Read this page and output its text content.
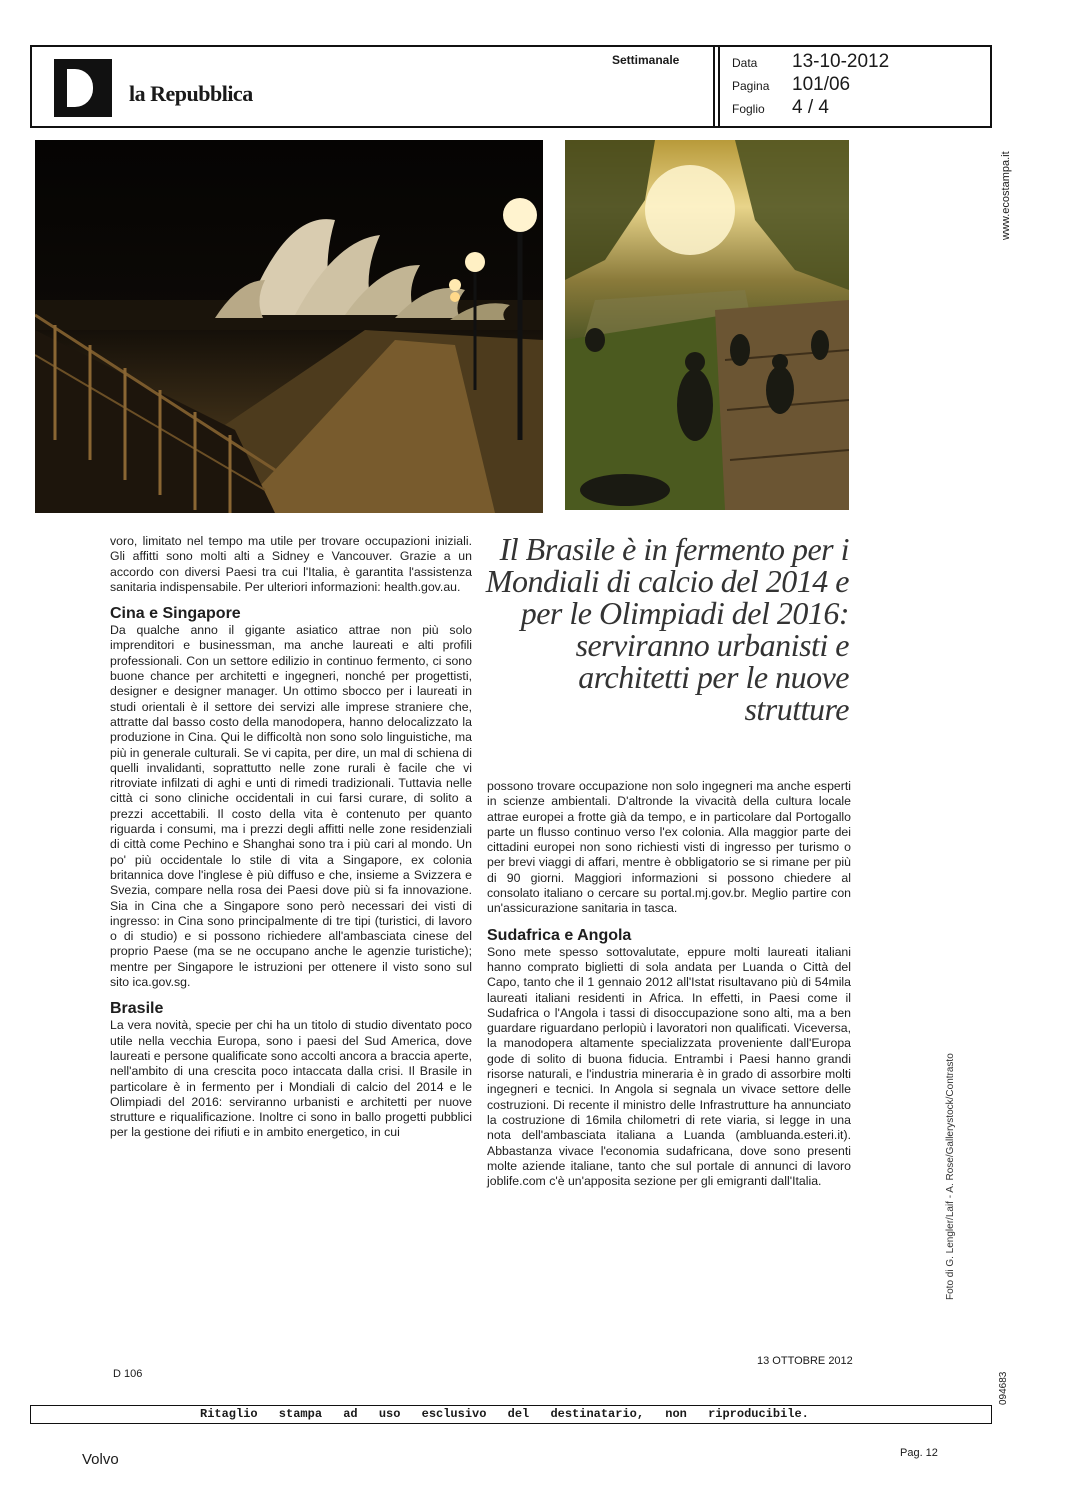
la Repubblica
Settimanale	Data 13-10-2012
Pagina 101/06
Foglio 4 / 4
www.ecostampa.it
Foto di G. Lengler/Laif - A. Rose/Gallerystock/Contrasto
094683
Il Brasile è in fermento per i Mondiali di calcio del 2014 e per le Olimpiadi del 2016: serviranno urbanisti e architetti per le nuove strutture

voro, limitato nel tempo ma utile per trovare occupazioni iniziali. Gli affitti sono molti alti a Sidney e Vancouver. Grazie a un accordo con diversi Paesi tra cui l'Italia, è garantita l'assistenza sanitaria indispensabile. Per ulteriori informazioni: health.gov.au.

Cina e Singapore

Da qualche anno il gigante asiatico attrae non più solo imprenditori e businessman, ma anche laureati e alti profili professionali. Con un settore edilizio in continuo fermento, ci sono buone chance per architetti e ingegneri, nonché per progettisti, designer e designer manager. Un ottimo sbocco per i laureati in studi orientali è il settore dei servizi alle imprese straniere che, attratte dal basso costo della manodopera, hanno delocalizzato la produzione in Cina. Qui le difficoltà non sono solo linguistiche, ma più in generale culturali. Se vi capita, per dire, un mal di schiena di quelli invalidanti, soprattutto nelle zone rurali è facile che vi ritroviate infilzati di aghi e unti di rimedi tradizionali. Tuttavia nelle città ci sono cliniche occidentali in cui farsi curare, di solito a prezzi accettabili. Il costo della vita è contenuto per quanto riguarda i consumi, ma i prezzi degli affitti nelle zone residenziali di città come Pechino e Shanghai sono tra i più cari al mondo. Un po' più occidentale lo stile di vita a Singapore, ex colonia britannica dove l'inglese è più diffuso e che, insieme a Svizzera e Svezia, compare nella rosa dei Paesi dove più si fa innovazione. Sia in Cina che a Singapore sono però necessari dei visti di ingresso: in Cina sono principalmente di tre tipi (turistici, di lavoro o di studio) e si possono richiedere all'ambasciata cinese del proprio Paese (ma se ne occupano anche le agenzie turistiche); mentre per Singapore le istruzioni per ottenere il visto sono sul sito ica.gov.sg.

Brasile

La vera novità, specie per chi ha un titolo di studio diventato poco utile nella vecchia Europa, sono i paesi del Sud America, dove laureati e persone qualificate sono accolti ancora a braccia aperte, nell'ambito di una crescita poco intaccata dalla crisi. Il Brasile in particolare è in fermento per i Mondiali di calcio del 2014 e le Olimpiadi del 2016: serviranno urbanisti e architetti per nuove strutture e riqualificazione. Inoltre ci sono in ballo progetti pubblici per la gestione dei rifiuti e in ambito energetico, in cui

possono trovare occupazione non solo ingegneri ma anche esperti in scienze ambientali. D'altronde la vivacità della cultura locale attrae europei a frotte già da tempo, e in particolare dal Portogallo parte un flusso continuo verso l'ex colonia. Alla maggior parte dei cittadini europei non sono richiesti visti di ingresso per turismo o per brevi viaggi di affari, mentre è obbligatorio se si rimane per più di 90 giorni. Maggiori informazioni si possono chiedere al consolato italiano o cercare su portal.mj.gov.br. Meglio partire con un'assicurazione sanitaria in tasca.

Sudafrica e Angola

Sono mete spesso sottovalutate, eppure molti laureati italiani hanno comprato biglietti di sola andata per Luanda o Città del Capo, tanto che il 1 gennaio 2012 all'Istat risultavano più di 54mila laureati italiani residenti in Africa. In effetti, in Paesi come il Sudafrica o l'Angola i tassi di disoccupazione sono alti, ma a ben guardare riguardano perlopiù i lavoratori non qualificati. Viceversa, la manodopera altamente specializzata proveniente dall'Europa gode di solito di buona fiducia. Entrambi i Paesi hanno grandi risorse naturali, e l'industria mineraria è in grado di assorbire molti ingegneri e tecnici. In Angola si segnala un vivace settore delle costruzioni. Di recente il ministro delle Infrastrutture ha annunciato la costruzione di 16mila chilometri di rete viaria, si legge in una nota dell'ambasciata italiana a Luanda (ambluanda.esteri.it). Abbastanza vivace l'economia sudafricana, dove sono presenti molte aziende italiane, tanto che sul portale di annunci di lavoro joblife.com c'è un'apposita sezione per gli emigranti dall'Italia.

13 OTTOBRE 2012
D 106
Ritaglio stampa ad uso esclusivo del destinatario, non riproducibile.
Volvo	Pag. 12
